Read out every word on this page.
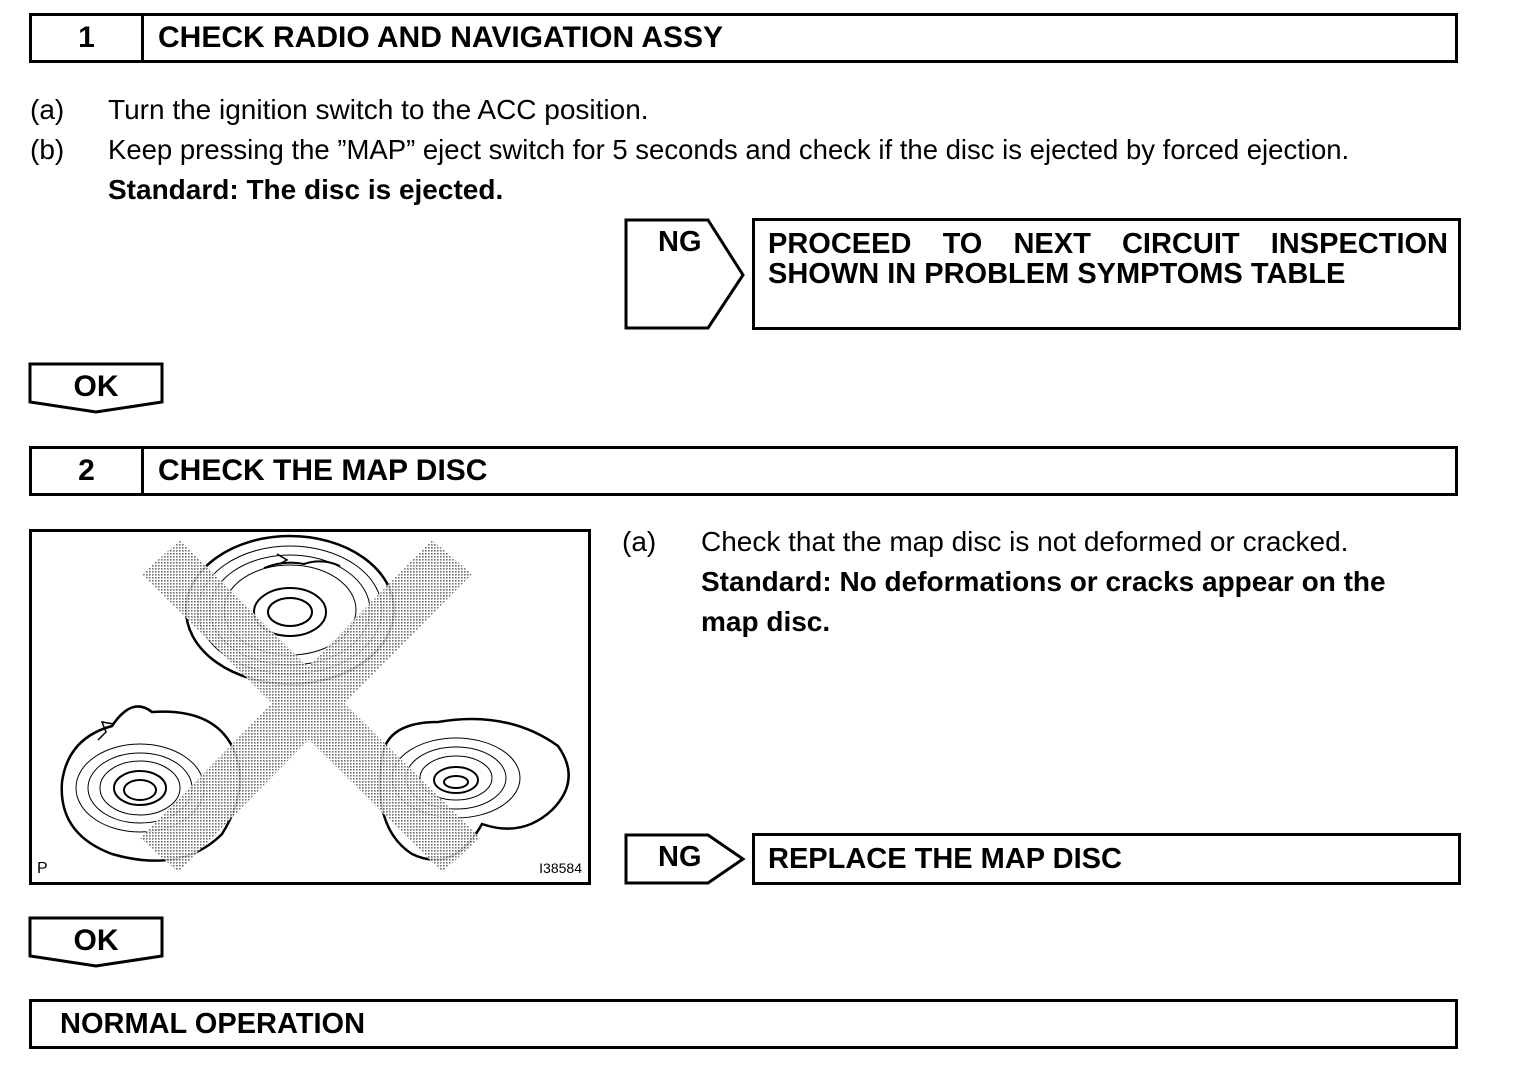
1	CHECK RADIO AND NAVIGATION ASSY
(a) Turn the ignition switch to the ACC position.
(b) Keep pressing the ”MAP” eject switch for 5 seconds and check if the disc is ejected by forced ejection.
Standard: The disc is ejected.
NG PROCEED TO NEXT CIRCUIT INSPECTION
SHOWN IN PROBLEM SYMPTOMS TABLE
OK
2	CHECK THE MAP DISC
P	I38584
(a) Check that the map disc is not deformed or cracked.
Standard: No deformations or cracks appear on the
map disc.
NG REPLACE THE MAP DISC
OK
NORMAL OPERATION
